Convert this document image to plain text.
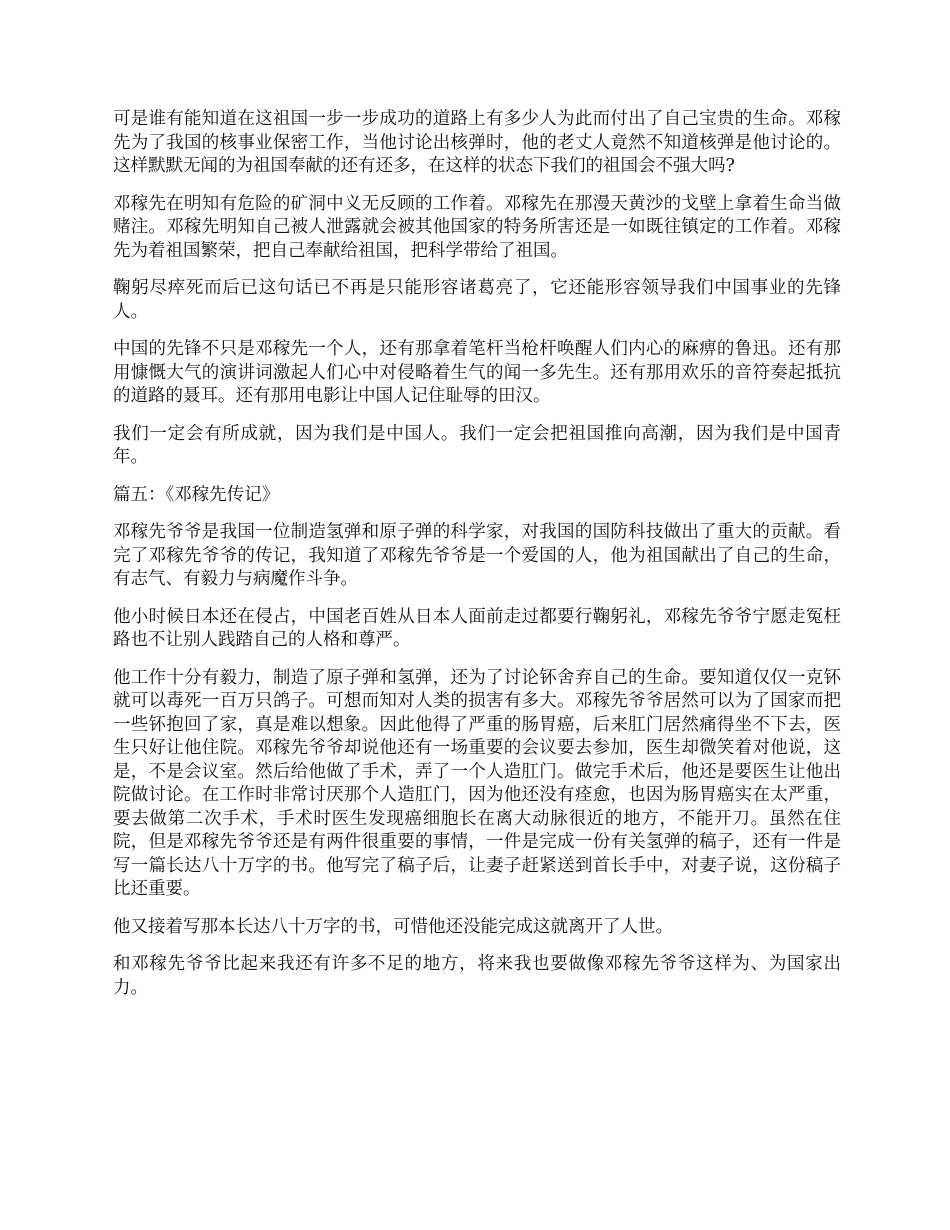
可是谁有能知道在这祖国一步一步成功的道路上有多少人为此而付出了自己宝贵的生命。邓稼先为了我国的核事业保密工作，当他讨论出核弹时，他的老丈人竟然不知道核弹是他讨论的。这样默默无闻的为祖国奉献的还有还多，在这样的状态下我们的祖国会不强大吗?

邓稼先在明知有危险的矿洞中义无反顾的工作着。邓稼先在那漫天黄沙的戈壁上拿着生命当做赌注。邓稼先明知自己被人泄露就会被其他国家的特务所害还是一如既往镇定的工作着。邓稼先为着祖国繁荣，把自己奉献给祖国，把科学带给了祖国。

鞠躬尽瘁死而后已这句话已不再是只能形容诸葛亮了，它还能形容领导我们中国事业的先锋人。

中国的先锋不只是邓稼先一个人，还有那拿着笔杆当枪杆唤醒人们内心的麻痹的鲁迅。还有那用慷慨大气的演讲词激起人们心中对侵略着生气的闻一多先生。还有那用欢乐的音符奏起抵抗的道路的聂耳。还有那用电影让中国人记住耻辱的田汉。

我们一定会有所成就，因为我们是中国人。我们一定会把祖国推向高潮，因为我们是中国青年。

篇五：《邓稼先传记》

邓稼先爷爷是我国一位制造氢弹和原子弹的科学家，对我国的国防科技做出了重大的贡献。看完了邓稼先爷爷的传记，我知道了邓稼先爷爷是一个爱国的人，他为祖国献出了自己的生命，有志气、有毅力与病魔作斗争。

他小时候日本还在侵占，中国老百姓从日本人面前走过都要行鞠躬礼，邓稼先爷爷宁愿走冤枉路也不让别人践踏自己的人格和尊严。

他工作十分有毅力，制造了原子弹和氢弹，还为了讨论钚舍弃自己的生命。要知道仅仅一克钚就可以毒死一百万只鸽子。可想而知对人类的损害有多大。邓稼先爷爷居然可以为了国家而把一些钚抱回了家，真是难以想象。因此他得了严重的肠胃癌，后来肛门居然痛得坐不下去，医生只好让他住院。邓稼先爷爷却说他还有一场重要的会议要去参加，医生却微笑着对他说，这是，不是会议室。然后给他做了手术，弄了一个人造肛门。做完手术后，他还是要医生让他出院做讨论。在工作时非常讨厌那个人造肛门，因为他还没有痊愈，也因为肠胃癌实在太严重，要去做第二次手术，手术时医生发现癌细胞长在离大动脉很近的地方，不能开刀。虽然在住院，但是邓稼先爷爷还是有两件很重要的事情，一件是完成一份有关氢弹的稿子，还有一件是写一篇长达八十万字的书。他写完了稿子后，让妻子赶紧送到首长手中，对妻子说，这份稿子比还重要。

他又接着写那本长达八十万字的书，可惜他还没能完成这就离开了人世。

和邓稼先爷爷比起来我还有许多不足的地方，将来我也要做像邓稼先爷爷这样为、为国家出力。
